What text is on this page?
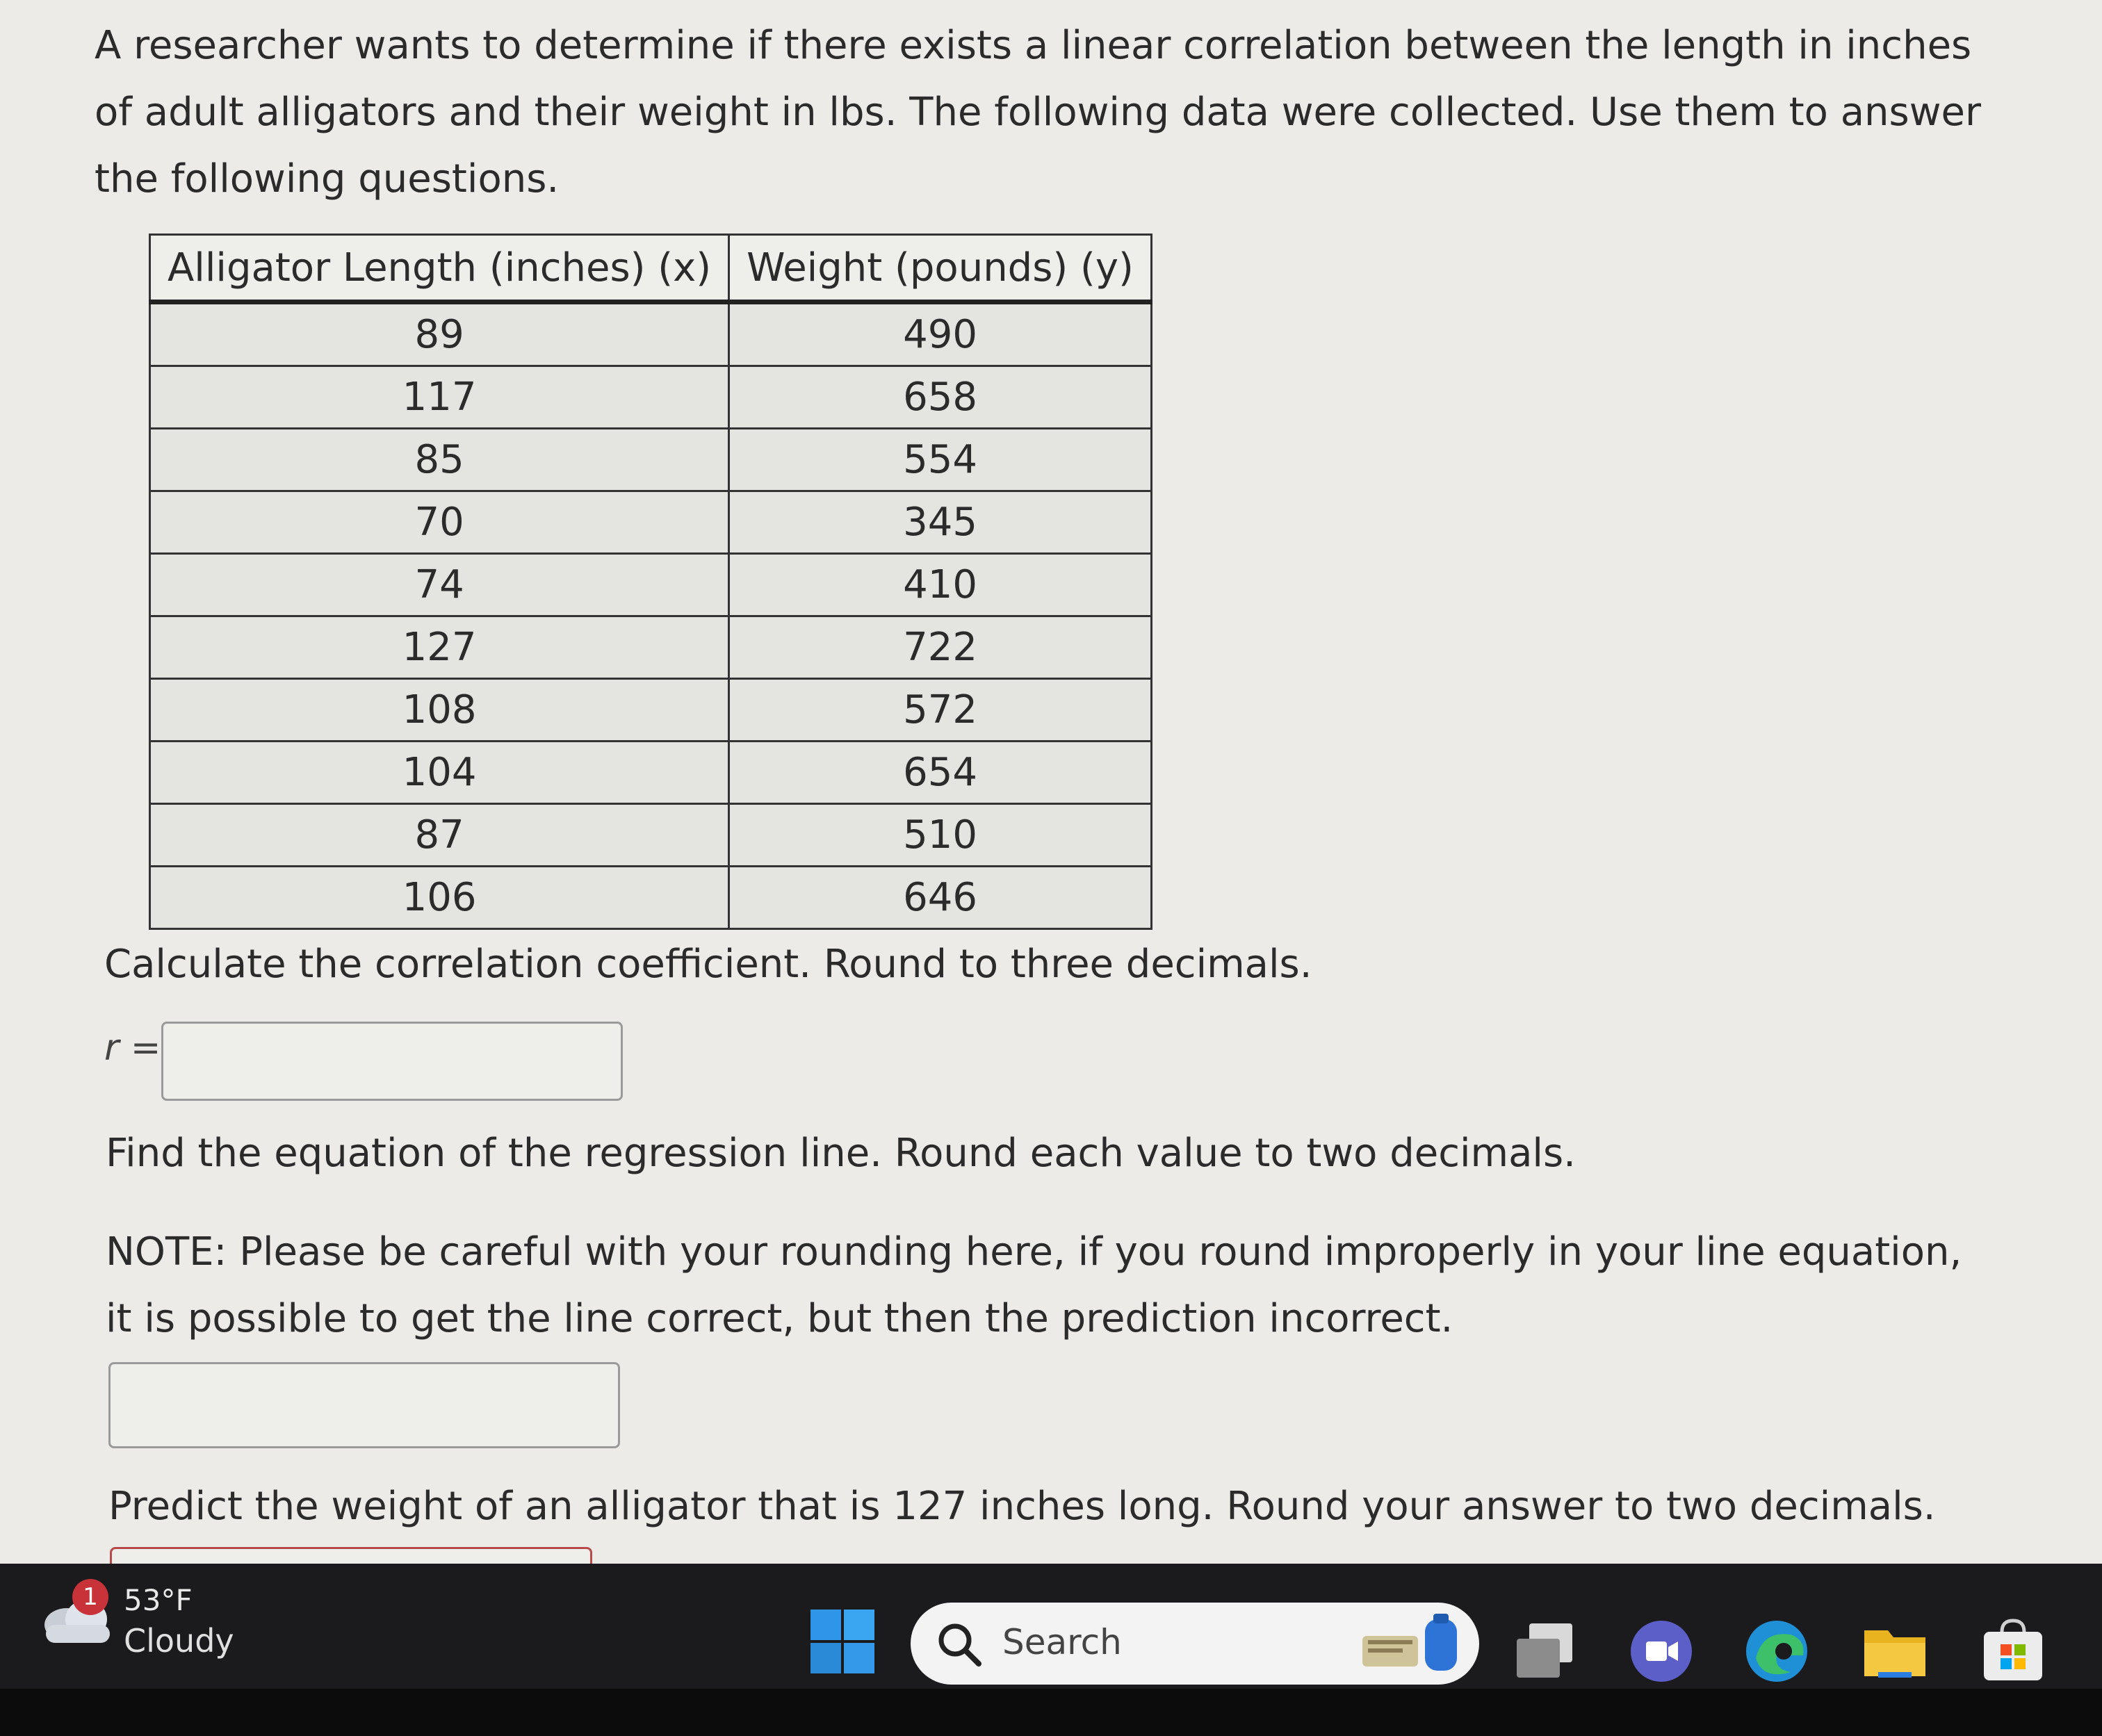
A researcher wants to determine if there exists a linear correlation between the length in inches of adult alligators and their weight in lbs. The following data were collected. Use them to answer the following questions.

Alligator Length (inches) (x)	Weight (pounds) (y)
89	490
117	658
85	554
70	345
74	410
127	722
108	572
104	654
87	510
106	646

Calculate the correlation coefficient. Round to three decimals.

r =

Find the equation of the regression line. Round each value to two decimals.

NOTE: Please be careful with your rounding here, if you round improperly in your line equation, it is possible to get the line correct, but then the prediction incorrect.

Predict the weight of an alligator that is 127 inches long. Round your answer to two decimals.

1 53°F
Cloudy	Search
